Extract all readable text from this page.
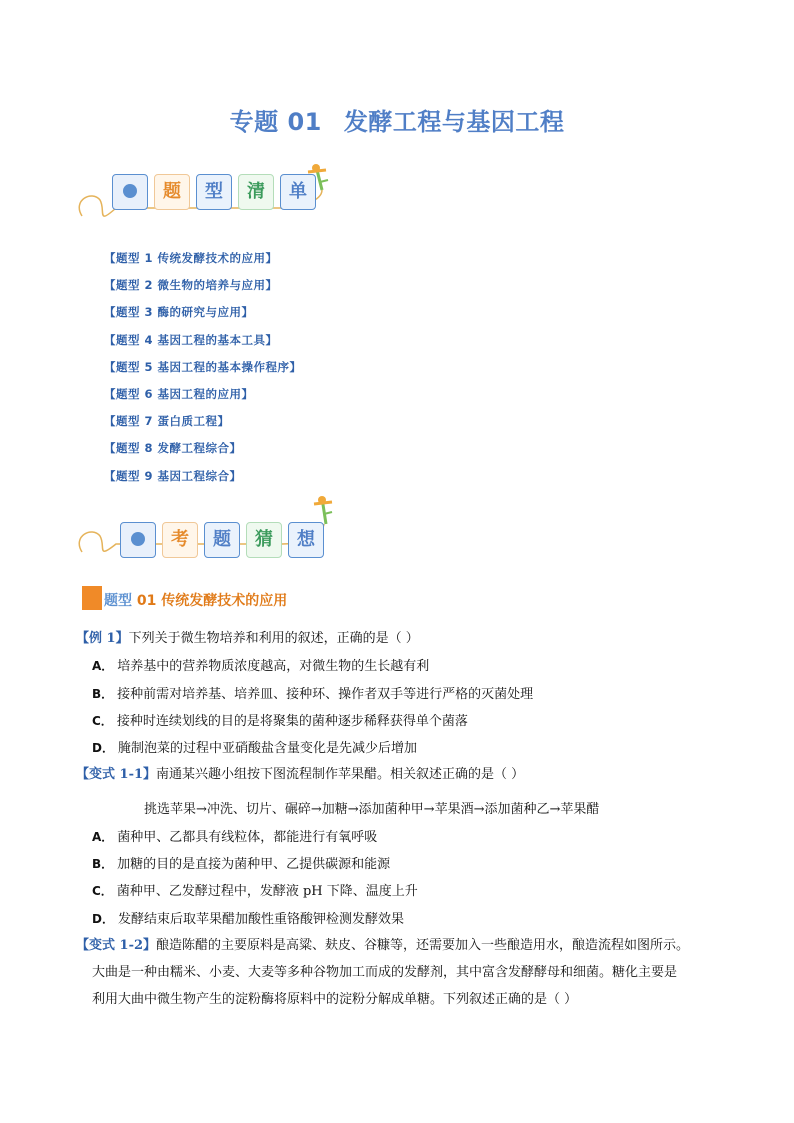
专题 01 发酵工程与基因工程
题	型	清	单
【题型 1 传统发酵技术的应用】
【题型 2 微生物的培养与应用】
【题型 3 酶的研究与应用】
【题型 4 基因工程的基本工具】
【题型 5 基因工程的基本操作程序】
【题型 6 基因工程的应用】
【题型 7 蛋白质工程】
【题型 8 发酵工程综合】
【题型 9 基因工程综合】
考	题	猜	想
题型 01 传统发酵技术的应用
【例 1】下列关于微生物培养和利用的叙述，正确的是（ ）
A． 培养基中的营养物质浓度越高，对微生物的生长越有利
B． 接种前需对培养基、培养皿、接种环、操作者双手等进行严格的灭菌处理
C． 接种时连续划线的目的是将聚集的菌种逐步稀释获得单个菌落
D． 腌制泡菜的过程中亚硝酸盐含量变化是先减少后增加
【变式 1-1】南通某兴趣小组按下图流程制作苹果醋。相关叙述正确的是（ ）
挑选苹果→冲洗、切片、碾碎→加糖→添加菌种甲→苹果酒→添加菌种乙→苹果醋
A． 菌种甲、乙都具有线粒体，都能进行有氧呼吸
B． 加糖的目的是直接为菌种甲、乙提供碳源和能源
C． 菌种甲、乙发酵过程中，发酵液 pH 下降、温度上升
D． 发酵结束后取苹果醋加酸性重铬酸钾检测发酵效果
【变式 1-2】酿造陈醋的主要原料是高粱、麸皮、谷糠等，还需要加入一些酿造用水，酿造流程如图所示。
大曲是一种由糯米、小麦、大麦等多种谷物加工而成的发酵剂，其中富含发酵酵母和细菌。糖化主要是
利用大曲中微生物产生的淀粉酶将原料中的淀粉分解成单糖。下列叙述正确的是（ ）
